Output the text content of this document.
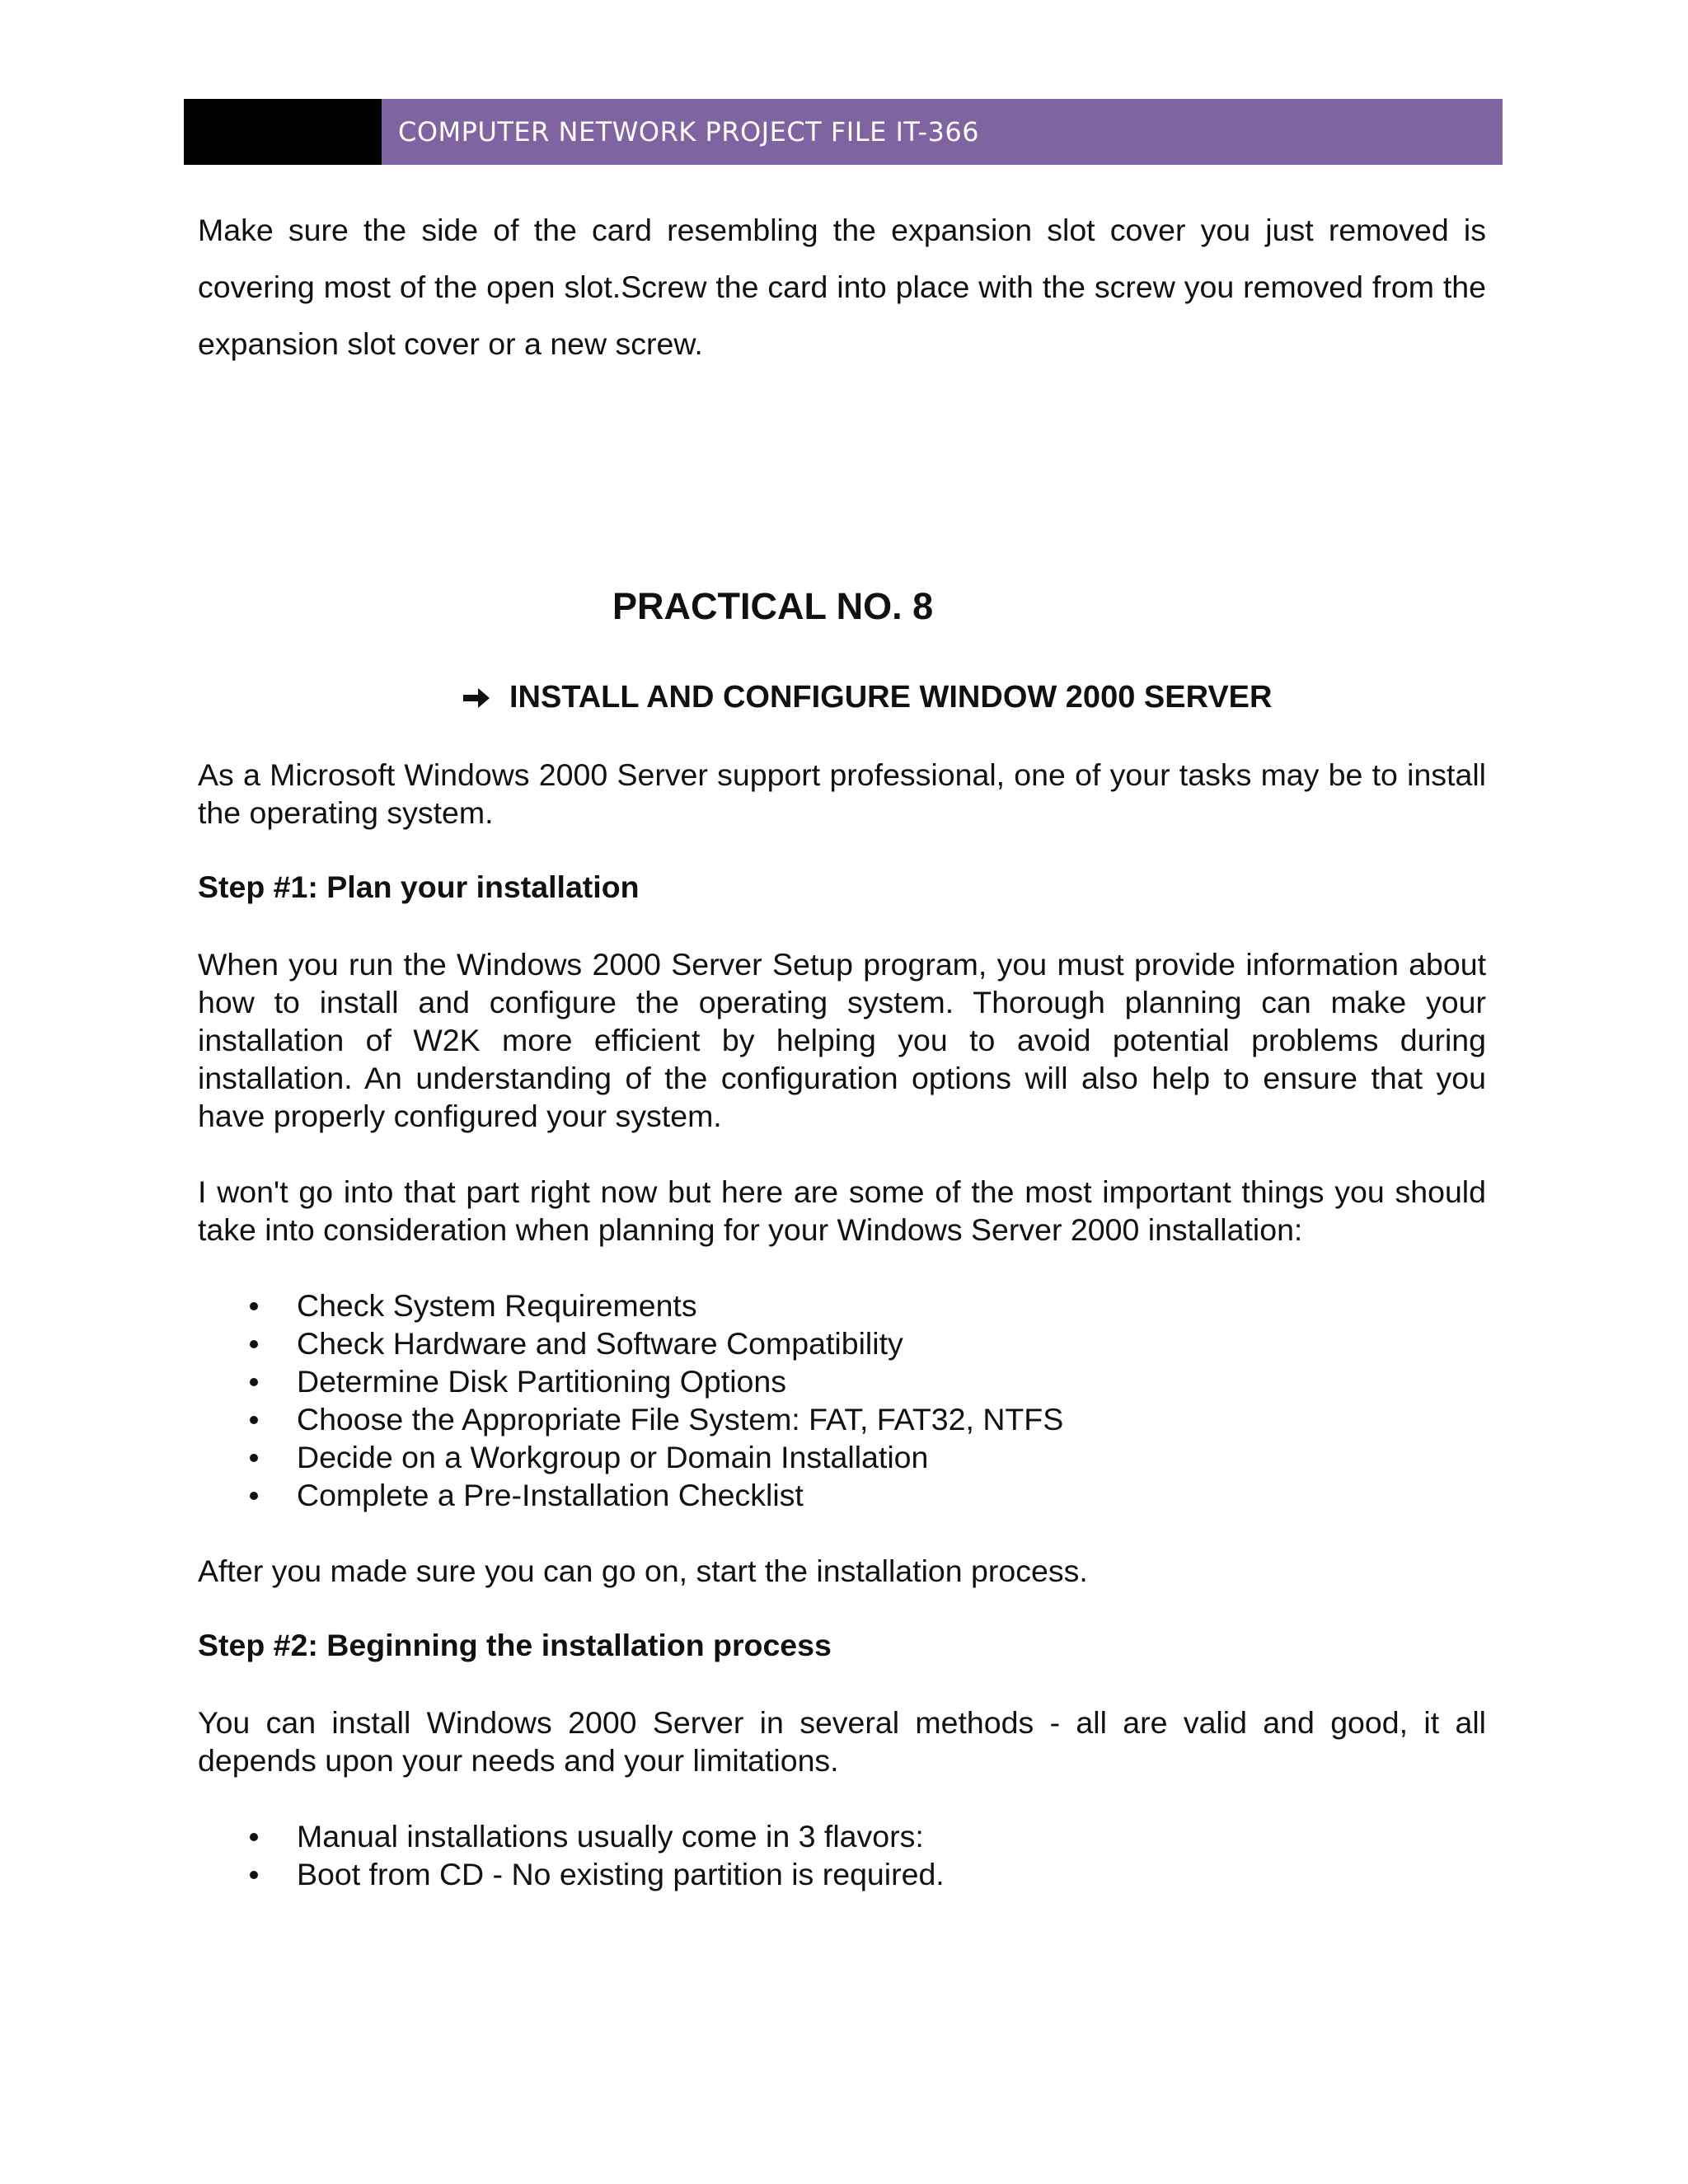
COMPUTER NETWORK PROJECT FILE IT-366

Make sure the side of the card resembling the expansion slot cover you just removed is covering most of the open slot.Screw the card into place with the screw you removed from the expansion slot cover or a new screw.

PRACTICAL NO. 8
INSTALL AND CONFIGURE WINDOW 2000 SERVER

As a Microsoft Windows 2000 Server support professional, one of your tasks may be to install the operating system.

Step #1: Plan your installation

When you run the Windows 2000 Server Setup program, you must provide information about how to install and configure the operating system. Thorough planning can make your installation of W2K more efficient by helping you to avoid potential problems during installation. An understanding of the configuration options will also help to ensure that you have properly configured your system.

I won't go into that part right now but here are some of the most important things you should take into consideration when planning for your Windows Server 2000 installation:

Check System Requirements
Check Hardware and Software Compatibility
Determine Disk Partitioning Options
Choose the Appropriate File System: FAT, FAT32, NTFS
Decide on a Workgroup or Domain Installation
Complete a Pre-Installation Checklist

After you made sure you can go on, start the installation process.

Step #2: Beginning the installation process

You can install Windows 2000 Server in several methods - all are valid and good, it all depends upon your needs and your limitations.

Manual installations usually come in 3 flavors:
Boot from CD - No existing partition is required.
